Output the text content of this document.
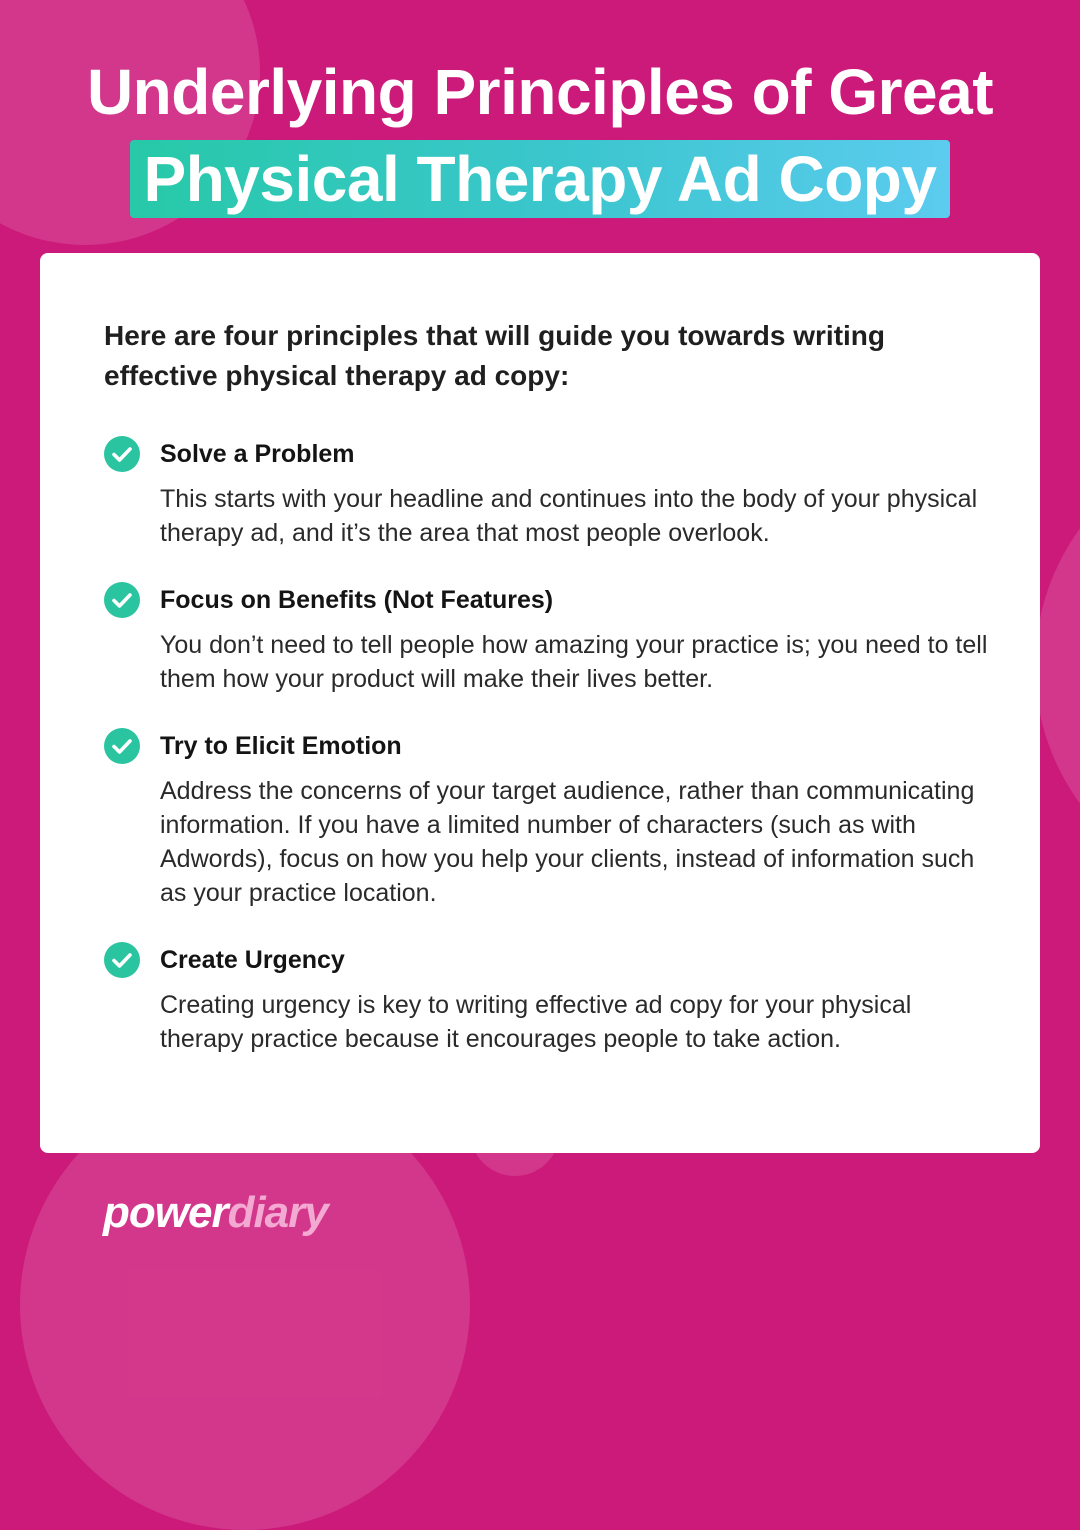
Underlying Principles of Great
Physical Therapy Ad Copy
Here are four principles that will guide you towards writing effective physical therapy ad copy:
Solve a Problem
This starts with your headline and continues into the body of your physical therapy ad, and it’s the area that most people overlook.
Focus on Benefits (Not Features)
You don’t need to tell people how amazing your practice is; you need to tell them how your product will make their lives better.
Try to Elicit Emotion
Address the concerns of your target audience, rather than communicating information. If you have a limited number of characters (such as with Adwords), focus on how you help your clients, instead of information such as your practice location.
Create Urgency
Creating urgency is key to writing effective ad copy for your physical therapy practice because it encourages people to take action.
powerdiary
